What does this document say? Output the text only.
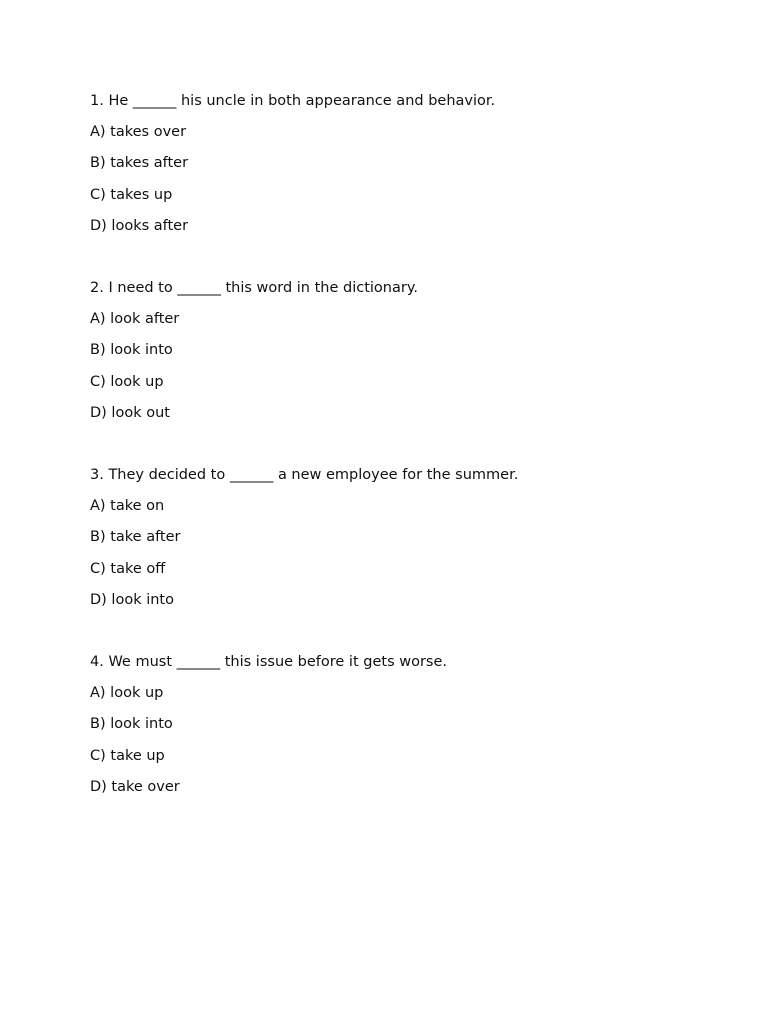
1. He ______ his uncle in both appearance and behavior.
A) takes over
B) takes after
C) takes up
D) looks after
2. I need to ______ this word in the dictionary.
A) look after
B) look into
C) look up
D) look out
3. They decided to ______ a new employee for the summer.
A) take on
B) take after
C) take off
D) look into
4. We must ______ this issue before it gets worse.
A) look up
B) look into
C) take up
D) take over
